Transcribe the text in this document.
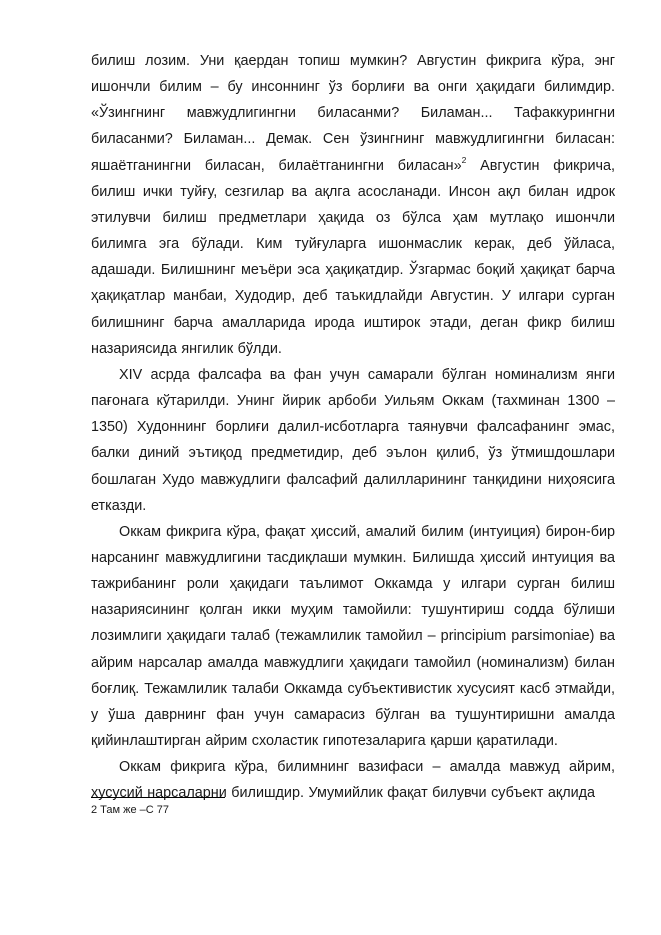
билиш лозим. Уни қаердан топиш мумкин? Августин фикрига кўра, энг ишончли билим – бу инсоннинг ўз борлиғи ва онги ҳақидаги билимдир. «Ўзингнинг мавжудлигингни биласанми? Биламан... Тафаккурингни биласанми? Биламан... Демак. Сен ўзингнинг мавжудлигингни биласан: яшаётганингни биласан, билаётганингни биласан»$^2$ Августин фикрича, билиш ички туйғу, сезгилар ва ақлга асосланади. Инсон ақл билан идрок этилувчи билиш предметлари ҳақида оз бўлса ҳам мутлақо ишончли билимга эга бўлади. Ким туйғуларга ишонмаслик керак, деб ўйласа, адашади. Билишнинг меъёри эса ҳақиқатдир. Ўзгармас боқий ҳақиқат барча ҳақиқатлар манбаи, Худодир, деб таъкидлайди Августин. У илгари сурган билишнинг барча амалларида ирода иштирок этади, деган фикр билиш назариясида янгилик бўлди.

XIV асрда фалсафа ва фан учун самарали бўлган номинализм янги пағонага кўтарилди. Унинг йирик арбоби Уильям Оккам (тахминан 1300 – 1350) Худоннинг борлиғи далил-исботларга таянувчи фалсафанинг эмас, балки диний эътиқод предметидир, деб эълон қилиб, ўз ўтмишдошлари бошлаган Худо мавжудлиги фалсафий далилларининг танқидини ниҳоясига етказди.

Оккам фикрига кўра, фақат ҳиссий, амалий билим (интуиция) бирон-бир нарсанинг мавжудлигини тасдиқлаши мумкин. Билишда ҳиссий интуиция ва тажрибанинг роли ҳақидаги таълимот Оккамда у илгари сурган билиш назариясининг қолган икки муҳим тамойили: тушунтириш содда бўлиши лозимлиги ҳақидаги талаб (тежамлилик тамойил – principium parsimoniae) ва айрим нарсалар амалда мавжудлиги ҳақидаги тамойил (номинализм) билан боғлиқ. Тежамлилик талаби Оккамда субъективистик хусусият касб этмайди, у ўша даврнинг фан учун самарасиз бўлган ва тушунтиришни амалда қийинлаштирган айрим схоластик гипотезаларига қарши қаратилади.

Оккам фикрига кўра, билимнинг вазифаси – амалда мавжуд айрим, хусусий нарсаларни билишдир. Умумийлик фақат билувчи субъект ақлида

2 Там же –С 77
